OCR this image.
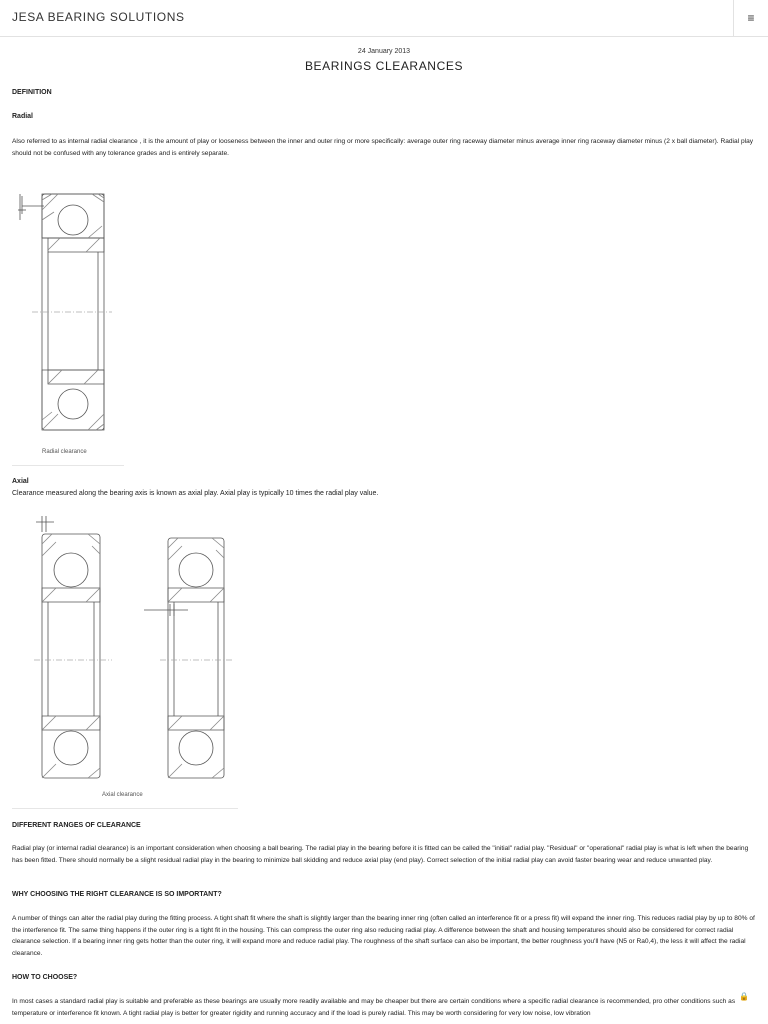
JESA BEARING SOLUTIONS	≡
24 January 2013
BEARINGS CLEARANCES
DEFINITION
Radial
Also referred to as internal radial clearance , it is the amount of play or looseness between the inner and outer ring or more specifically: average outer ring raceway diameter minus average inner ring raceway diameter minus (2 x ball diameter). Radial play should not be confused with any tolerance grades and is entirely separate.
Radial clearance
Axial
Clearance measured along the bearing axis is known as axial play. Axial play is typically 10 times the radial play value.
Axial clearance
DIFFERENT RANGES OF CLEARANCE
Radial play (or internal radial clearance) is an important consideration when choosing a ball bearing. The radial play in the bearing before it is fitted can be called the "initial" radial play. "Residual" or "operational" radial play is what is left when the bearing has been fitted. There should normally be a slight residual radial play in the bearing to minimize ball skidding and reduce axial play (end play). Correct selection of the initial radial play can avoid faster bearing wear and reduce unwanted play.
WHY CHOOSING THE RIGHT CLEARANCE IS SO IMPORTANT?
A number of things can alter the radial play during the fitting process. A tight shaft fit where the shaft is slightly larger than the bearing inner ring (often called an interference fit or a press fit) will expand the inner ring. This reduces radial play by up to 80% of the interference fit. The same thing happens if the outer ring is a tight fit in the housing. This can compress the outer ring also reducing radial play. A difference between the shaft and housing temperatures should also be considered for correct radial clearance selection. If a bearing inner ring gets hotter than the outer ring, it will expand more and reduce radial play. The roughness of the shaft surface can also be important, the better roughness you'll have (N5 or Ra0,4), the less it will affect the radial clearance.
HOW TO CHOOSE?
In most cases a standard radial play is suitable and preferable as these bearings are usually more readily available and may be cheaper but there are certain conditions where a specific radial clearance is recommended, pro other conditions such as temperature or interference fit known. A tight radial play is better for greater rigidity and running accuracy and if the load is purely radial. This may be worth considering for very low noise, low vibration
🔒
